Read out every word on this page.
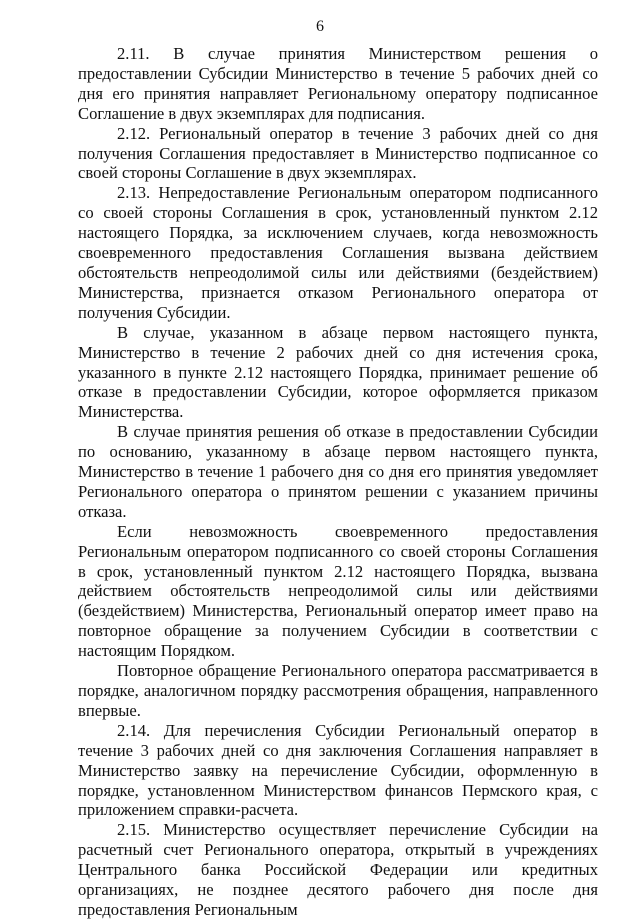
6

2.11. В случае принятия Министерством решения о предоставлении Субсидии Министерство в течение 5 рабочих дней со дня его принятия направляет Региональному оператору подписанное Соглашение в двух экземплярах для подписания.

2.12. Региональный оператор в течение 3 рабочих дней со дня получения Соглашения предоставляет в Министерство подписанное со своей стороны Соглашение в двух экземплярах.

2.13. Непредоставление Региональным оператором подписанного со своей стороны Соглашения в срок, установленный пунктом 2.12 настоящего Порядка, за исключением случаев, когда невозможность своевременного предоставления Соглашения вызвана действием обстоятельств непреодолимой силы или действиями (бездействием) Министерства, признается отказом Регионального оператора от получения Субсидии.

В случае, указанном в абзаце первом настоящего пункта, Министерство в течение 2 рабочих дней со дня истечения срока, указанного в пункте 2.12 настоящего Порядка, принимает решение об отказе в предоставлении Субсидии, которое оформляется приказом Министерства.

В случае принятия решения об отказе в предоставлении Субсидии по основанию, указанному в абзаце первом настоящего пункта, Министерство в течение 1 рабочего дня со дня его принятия уведомляет Регионального оператора о принятом решении с указанием причины отказа.

Если невозможность своевременного предоставления Региональным оператором подписанного со своей стороны Соглашения в срок, установленный пунктом 2.12 настоящего Порядка, вызвана действием обстоятельств непреодолимой силы или действиями (бездействием) Министерства, Региональный оператор имеет право на повторное обращение за получением Субсидии в соответствии с настоящим Порядком.

Повторное обращение Регионального оператора рассматривается в порядке, аналогичном порядку рассмотрения обращения, направленного впервые.

2.14. Для перечисления Субсидии Региональный оператор в течение 3 рабочих дней со дня заключения Соглашения направляет в Министерство заявку на перечисление Субсидии, оформленную в порядке, установленном Министерством финансов Пермского края, с приложением справки-расчета.

2.15. Министерство осуществляет перечисление Субсидии на расчетный счет Регионального оператора, открытый в учреждениях Центрального банка Российской Федерации или кредитных организациях, не позднее десятого рабочего дня после дня предоставления Региональным
